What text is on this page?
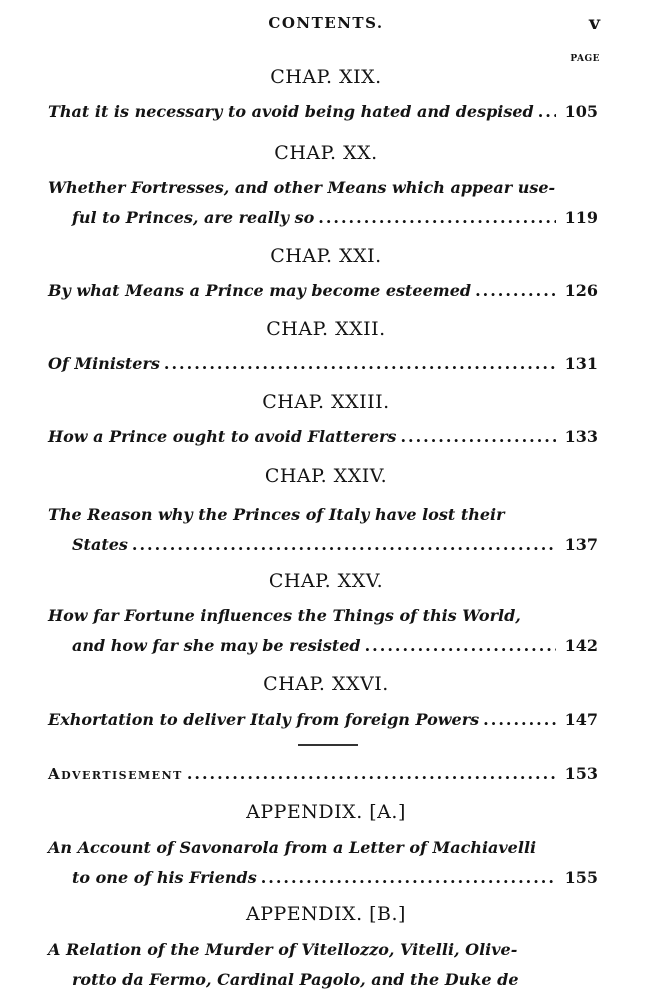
CONTENTS.	v
PAGE
CHAP. XIX.
That it is necessary to avoid being hated and despised ..... 105
CHAP. XX.
Whether Fortresses, and other Means which appear use-
ful to Princes, are really so .....	119
CHAP. XXI.
By what Means a Prince may become esteemed .....	126
CHAP. XXII.
Of Ministers .....	131
CHAP. XXIII.
How a Prince ought to avoid Flatterers .....	133
CHAP. XXIV.
The Reason why the Princes of Italy have lost their
States .....	137
CHAP. XXV.
How far Fortune influences the Things of this World,
and how far she may be resisted .....	142
CHAP. XXVI.
Exhortation to deliver Italy from foreign Powers .....	147
Advertisement .....	153
APPENDIX. [A.]
An Account of Savonarola from a Letter of Machiavelli
to one of his Friends .....	155
APPENDIX. [B.]
A Relation of the Murder of Vitellozzo, Vitelli, Olive-
rotto da Fermo, Cardinal Pagolo, and the Duke de
